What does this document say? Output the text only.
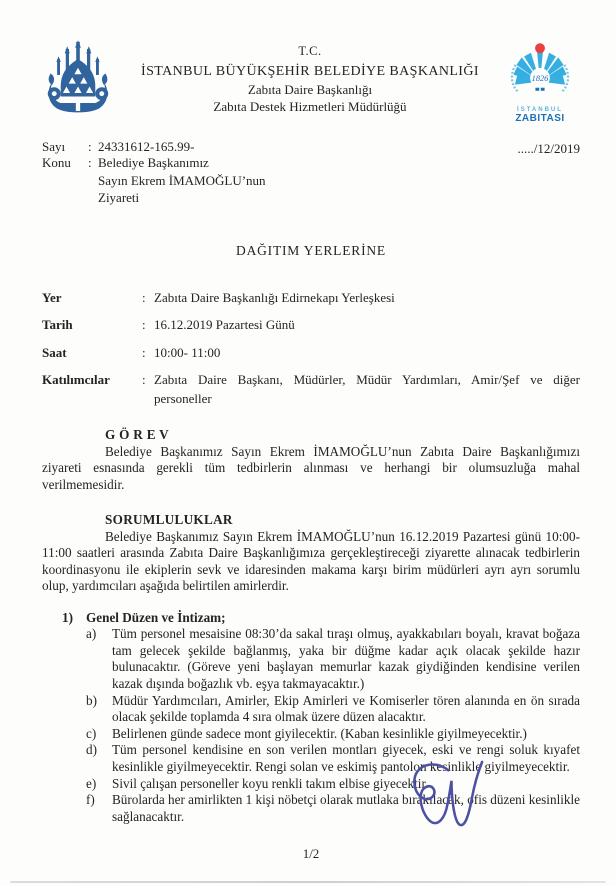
T.C.
İSTANBUL BÜYÜKŞEHİR BELEDİYE BAŞKANLIĞI
Zabıta Daire Başkanlığı
Zabıta Destek Hizmetleri Müdürlüğü
1826
İSTANBUL
ZABITASI
Sayı	: 24331612-165.99-
Konu	: Belediye Başkanımız
Sayın Ekrem İMAMOĞLU’nun
Ziyareti
...../12/2019
DAĞITIM YERLERİNE
Yer	: Zabıta Daire Başkanlığı Edirnekapı Yerleşkesi
Tarih	: 16.12.2019 Pazartesi Günü
Saat	: 10:00- 11:00
Katılımcılar	: Zabıta Daire Başkanı, Müdürler, Müdür Yardımları, Amir/Şef ve diğer personeller
G Ö R E V
Belediye Başkanımız Sayın Ekrem İMAMOĞLU’nun Zabıta Daire Başkanlığımızı ziyareti esnasında gerekli tüm tedbirlerin alınması ve herhangi bir olumsuzluğa mahal verilmemesidir.
SORUMLULUKLAR
Belediye Başkanımız Sayın Ekrem İMAMOĞLU’nun 16.12.2019 Pazartesi günü 10:00- 11:00 saatleri arasında Zabıta Daire Başkanlığımıza gerçekleştireceği ziyarette alınacak tedbirlerin koordinasyonu ile ekiplerin sevk ve idaresinden makama karşı birim müdürleri ayrı ayrı sorumlu olup, yardımcıları aşağıda belirtilen amirlerdir.
1) Genel Düzen ve İntizam;
a)	Tüm personel mesaisine 08:30’da sakal tıraşı olmuş, ayakkabıları boyalı, kravat boğaza tam gelecek şekilde bağlanmış, yaka bir düğme kadar açık olacak şekilde hazır bulunacaktır. (Göreve yeni başlayan memurlar kazak giydiğinden kendisine verilen kazak dışında boğazlık vb. eşya takmayacaktır.)
b)	Müdür Yardımcıları, Amirler, Ekip Amirleri ve Komiserler tören alanında en ön sırada olacak şekilde toplamda 4 sıra olmak üzere düzen alacaktır.
c)	Belirlenen günde sadece mont giyilecektir. (Kaban kesinlikle giyilmeyecektir.)
d)	Tüm personel kendisine en son verilen montları giyecek, eski ve rengi soluk kıyafet kesinlikle giyilmeyecektir. Rengi solan ve eskimiş pantolon kesinlikle giyilmeyecektir.
e)	Sivil çalışan personeller koyu renkli takım elbise giyecektir.
f)	Bürolarda her amirlikten 1 kişi nöbetçi olarak mutlaka bırakılacak, ofis düzeni kesinlikle sağlanacaktır.
1/2
